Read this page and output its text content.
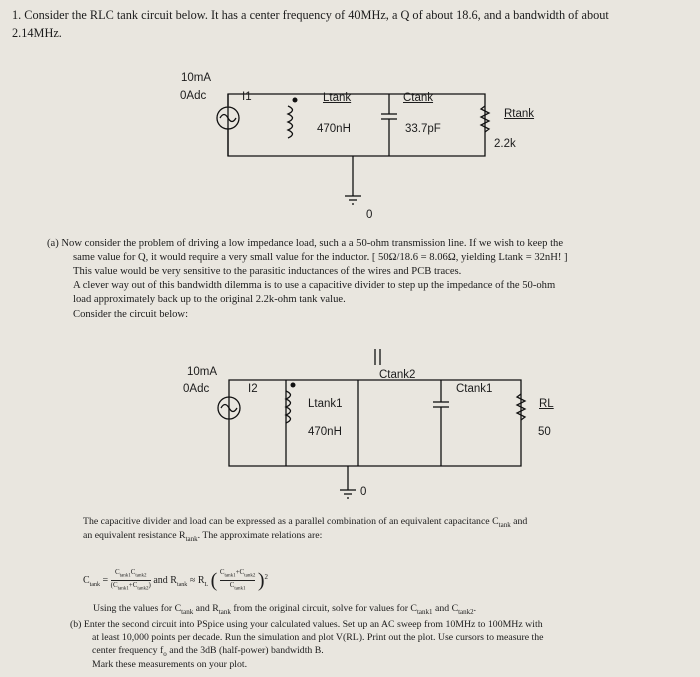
1. Consider the RLC tank circuit below. It has a center frequency of 40MHz, a Q of about 18.6, and a bandwidth of about
2.14MHz.
10mA
0Adc	I1	Ltank
470nH
Ctank
33.7pF
Rtank
2.2k
0
(a) Now consider the problem of driving a low impedance load, such a a 50-ohm transmission line. If we wish to keep the
same value for Q, it would require a very small value for the inductor. [ 50Ω/18.6 = 8.06Ω, yielding Ltank = 32nH! ]
This value would be very sensitive to the parasitic inductances of the wires and PCB traces.
A clever way out of this bandwidth dilemma is to use a capacitive divider to step up the impedance of the 50-ohm
load approximately back up to the original 2.2k-ohm tank value.
Consider the circuit below:
10mA
0Adc	I2
Ltank1
470nH
Ctank2
Ctank1
RL
50
0
The capacitive divider and load can be expressed as a parallel combination of an equivalent capacitance $C_{tank}$ and
an equivalent resistance $R_{tank}$. The approximate relations are:
$C_{tank} = \frac{C_{tank1}C_{tank2}}{(C_{tank1}+C_{tank2})}$ and $R_{tank} \approx R_L$ ( $\frac{C_{tank1}+C_{tank2}}{C_{tank1}} )^2$
Using the values for $C_{tank}$ and $R_{tank}$ from the original circuit, solve for values for $C_{tank1}$ and $C_{tank2}$.
(b) Enter the second circuit into PSpice using your calculated values. Set up an AC sweep from 10MHz to 100MHz with
at least 10,000 points per decade. Run the simulation and plot V(RL). Print out the plot. Use cursors to measure the
center frequency $f_o$ and the 3dB (half-power) bandwidth B.
Mark these measurements on your plot.
